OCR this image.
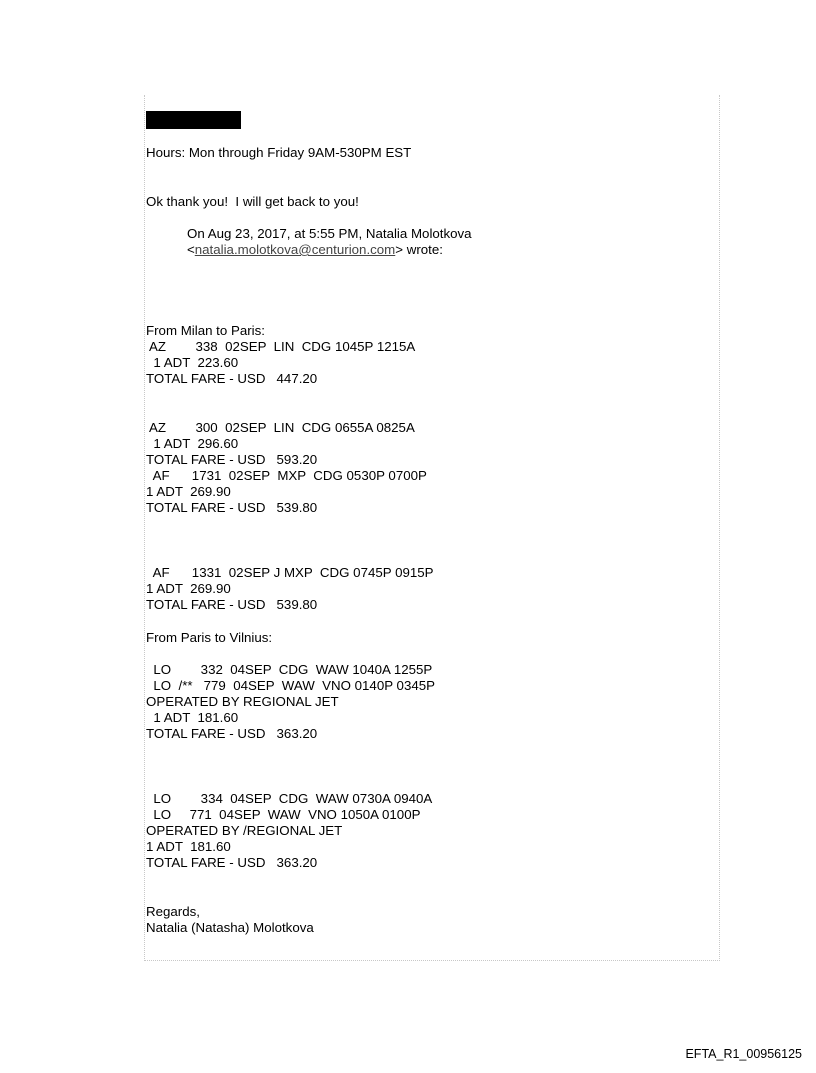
Hours: Mon through Friday 9AM-530PM EST
Ok thank you!  I will get back to you!
On Aug 23, 2017, at 5:55 PM, Natalia Molotkova
<natalia.molotkova@centurion.com> wrote:
From Milan to Paris:
AZ        338  02SEP  LIN  CDG 1045P 1215A
1 ADT  223.60
TOTAL FARE - USD   447.20
AZ        300  02SEP  LIN  CDG 0655A 0825A
1 ADT  296.60
TOTAL FARE - USD   593.20
AF      1731  02SEP  MXP  CDG 0530P 0700P
1 ADT  269.90
TOTAL FARE - USD   539.80
AF      1331  02SEP J MXP  CDG 0745P 0915P
1 ADT  269.90
TOTAL FARE - USD   539.80
From Paris to Vilnius:
LO        332  04SEP  CDG  WAW 1040A 1255P
LO  /**   779  04SEP  WAW  VNO 0140P 0345P
OPERATED BY REGIONAL JET
1 ADT  181.60
TOTAL FARE - USD   363.20
LO        334  04SEP  CDG  WAW 0730A 0940A
LO     771  04SEP  WAW  VNO 1050A 0100P
OPERATED BY /REGIONAL JET
1 ADT  181.60
TOTAL FARE - USD   363.20
Regards,
Natalia (Natasha) Molotkova
EFTA_R1_00956125
